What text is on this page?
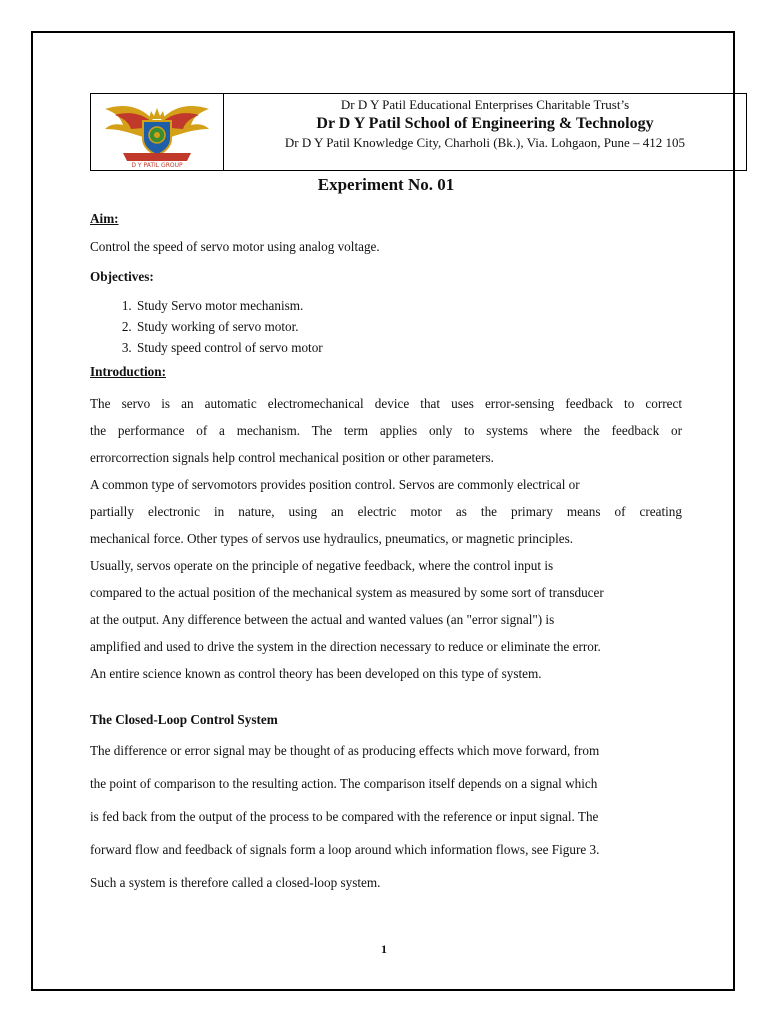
D Y PATIL GROUP
Dr D Y Patil Educational Enterprises Charitable Trust’s
Dr D Y Patil School of Engineering & Technology
Dr D Y Patil Knowledge City, Charholi (Bk.), Via. Lohgaon, Pune – 412 105
Experiment No. 01
Aim:

Control the speed of servo motor using analog voltage.

Objectives:
1. Study Servo motor mechanism.
2. Study working of servo motor.
3. Study speed control of servo motor
Introduction:
The servo is an automatic electromechanical device that uses error-sensing feedback to correct
the performance of a mechanism. The term applies only to systems where the feedback or
errorcorrection signals help control mechanical position or other parameters.
A common type of servomotors provides position control. Servos are commonly electrical or
partially electronic in nature, using an electric motor as the primary means of creating
mechanical force. Other types of servos use hydraulics, pneumatics, or magnetic principles.
Usually, servos operate on the principle of negative feedback, where the control input is
compared to the actual position of the mechanical system as measured by some sort of transducer
at the output. Any difference between the actual and wanted values (an "error signal") is
amplified and used to drive the system in the direction necessary to reduce or eliminate the error.
An entire science known as control theory has been developed on this type of system.
The Closed-Loop Control System
The difference or error signal may be thought of as producing effects which move forward, from
the point of comparison to the resulting action. The comparison itself depends on a signal which
is fed back from the output of the process to be compared with the reference or input signal. The
forward flow and feedback of signals form a loop around which information flows, see Figure 3.
Such a system is therefore called a closed-loop system.
1
